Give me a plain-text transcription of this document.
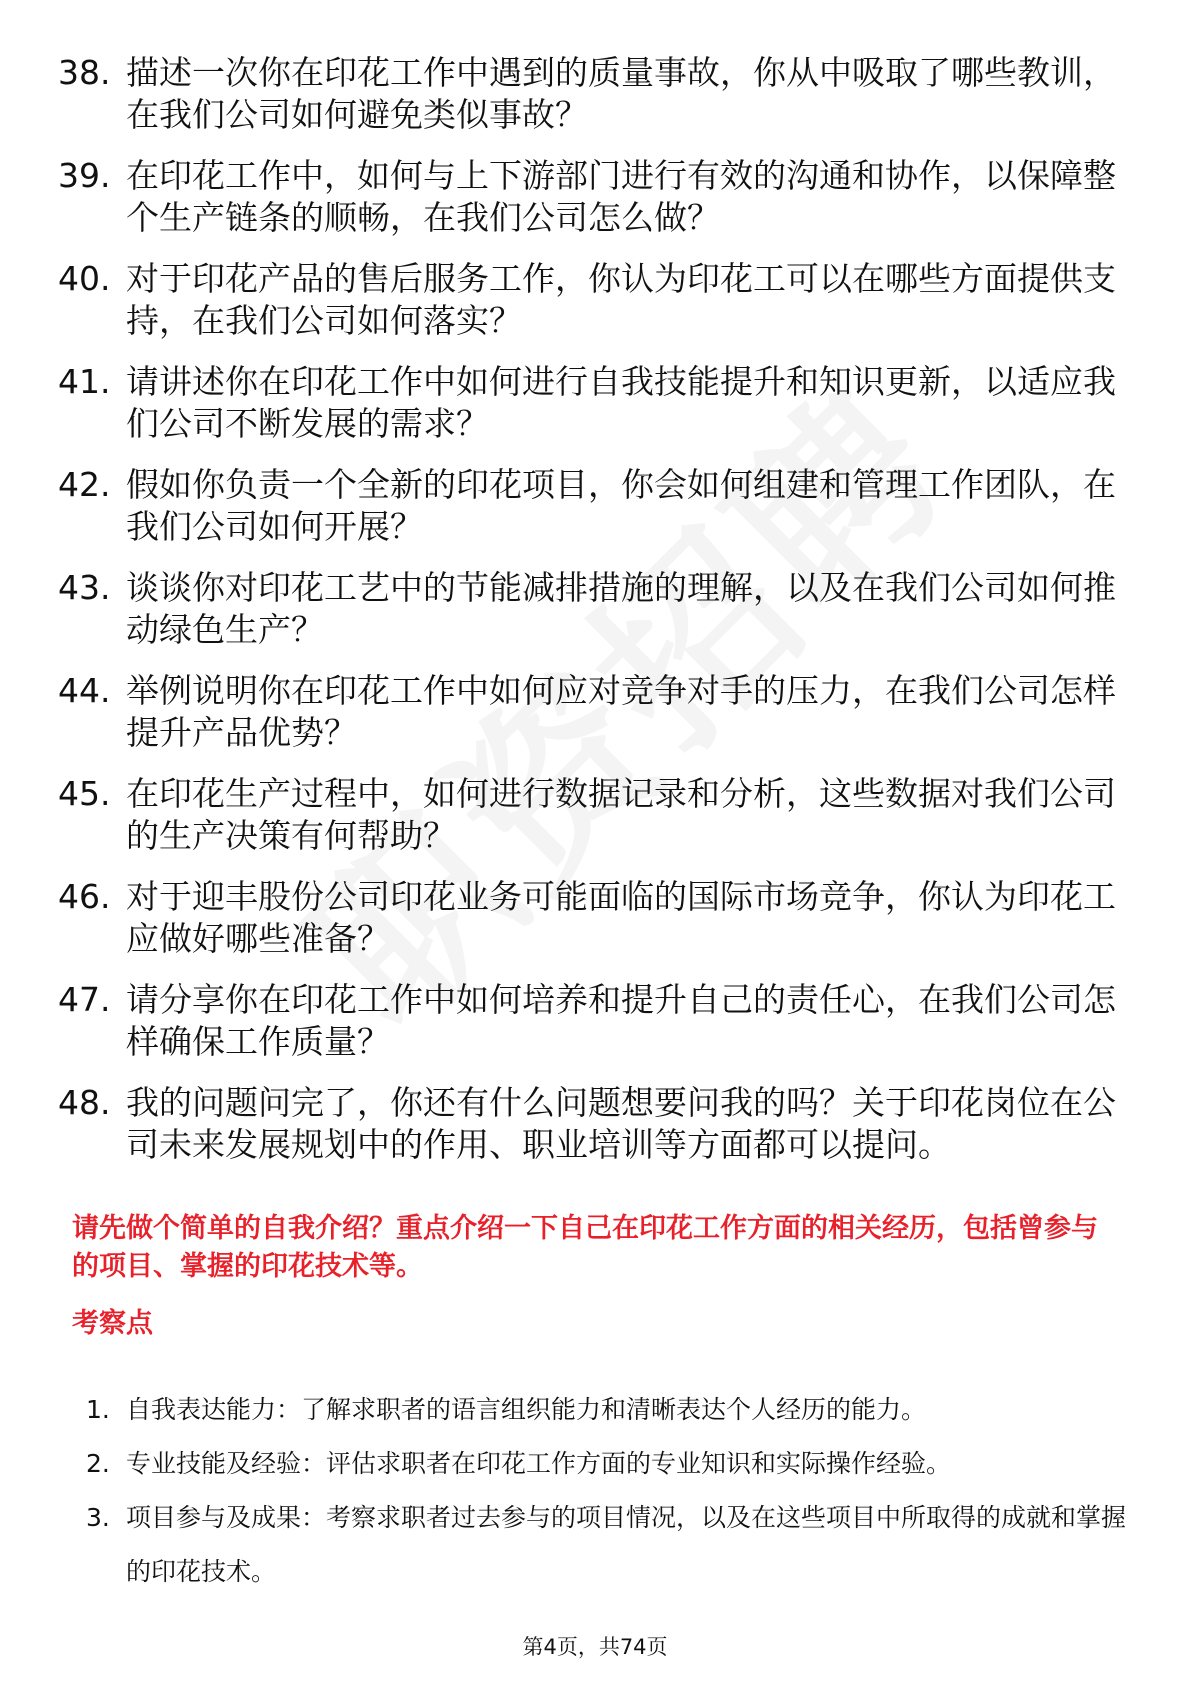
38. 描述一次你在印花工作中遇到的质量事故，你从中吸取了哪些教训，在我们公司如何避免类似事故？
39. 在印花工作中，如何与上下游部门进行有效的沟通和协作，以保障整个生产链条的顺畅，在我们公司怎么做？
40. 对于印花产品的售后服务工作，你认为印花工可以在哪些方面提供支持，在我们公司如何落实？
41. 请讲述你在印花工作中如何进行自我技能提升和知识更新，以适应我们公司不断发展的需求？
42. 假如你负责一个全新的印花项目，你会如何组建和管理工作团队，在我们公司如何开展？
43. 谈谈你对印花工艺中的节能减排措施的理解，以及在我们公司如何推动绿色生产？
44. 举例说明你在印花工作中如何应对竞争对手的压力，在我们公司怎样提升产品优势？
45. 在印花生产过程中，如何进行数据记录和分析，这些数据对我们公司的生产决策有何帮助？
46. 对于迎丰股份公司印花业务可能面临的国际市场竞争，你认为印花工应做好哪些准备？
47. 请分享你在印花工作中如何培养和提升自己的责任心，在我们公司怎样确保工作质量？
48. 我的问题问完了，你还有什么问题想要问我的吗？关于印花岗位在公司未来发展规划中的作用、职业培训等方面都可以提问。
请先做个简单的自我介绍？重点介绍一下自己在印花工作方面的相关经历，包括曾参与的项目、掌握的印花技术等。
考察点
1. 自我表达能力：了解求职者的语言组织能力和清晰表达个人经历的能力。
2. 专业技能及经验：评估求职者在印花工作方面的专业知识和实际操作经验。
3. 项目参与及成果：考察求职者过去参与的项目情况，以及在这些项目中所取得的成就和掌握的印花技术。
第4页，共74页
